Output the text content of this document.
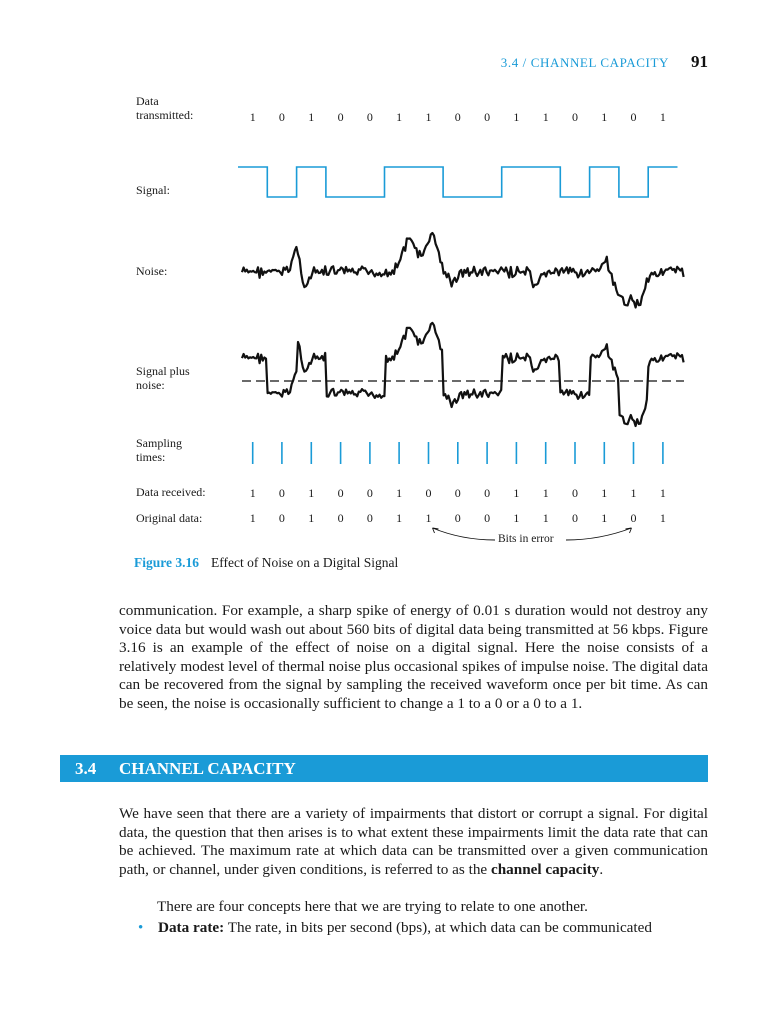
3.4 / CHANNEL CAPACITY 91
1 0 1 0 0 1 1 0 0 1 1 0 1 0 1
1 0 1 0 0 1 0 0 0 1 1 0 1 1 1
1 0 1 0 0 1 1 0 0 1 1 0 1 0 1
Data
transmitted:
Signal:
Noise:
Signal plus
noise:
Sampling
times:
Data received:
Original data:
Bits in error
Figure 3.16 Effect of Noise on a Digital Signal
communication. For example, a sharp spike of energy of 0.01 s duration would not destroy any voice data but would wash out about 560 bits of digital data being transmitted at 56 kbps. Figure 3.16 is an example of the effect of noise on a digital signal. Here the noise consists of a relatively modest level of thermal noise plus occasional spikes of impulse noise. The digital data can be recovered from the signal by sampling the received waveform once per bit time. As can be seen, the noise is occasionally sufficient to change a 1 to a 0 or a 0 to a 1.
3.4	CHANNEL CAPACITY
We have seen that there are a variety of impairments that distort or corrupt a signal. For digital data, the question that then arises is to what extent these impairments limit the data rate that can be achieved. The maximum rate at which data can be transmitted over a given communication path, or channel, under given conditions, is referred to as the channel capacity.
There are four concepts here that we are trying to relate to one another.
• Data rate: The rate, in bits per second (bps), at which data can be communicated
